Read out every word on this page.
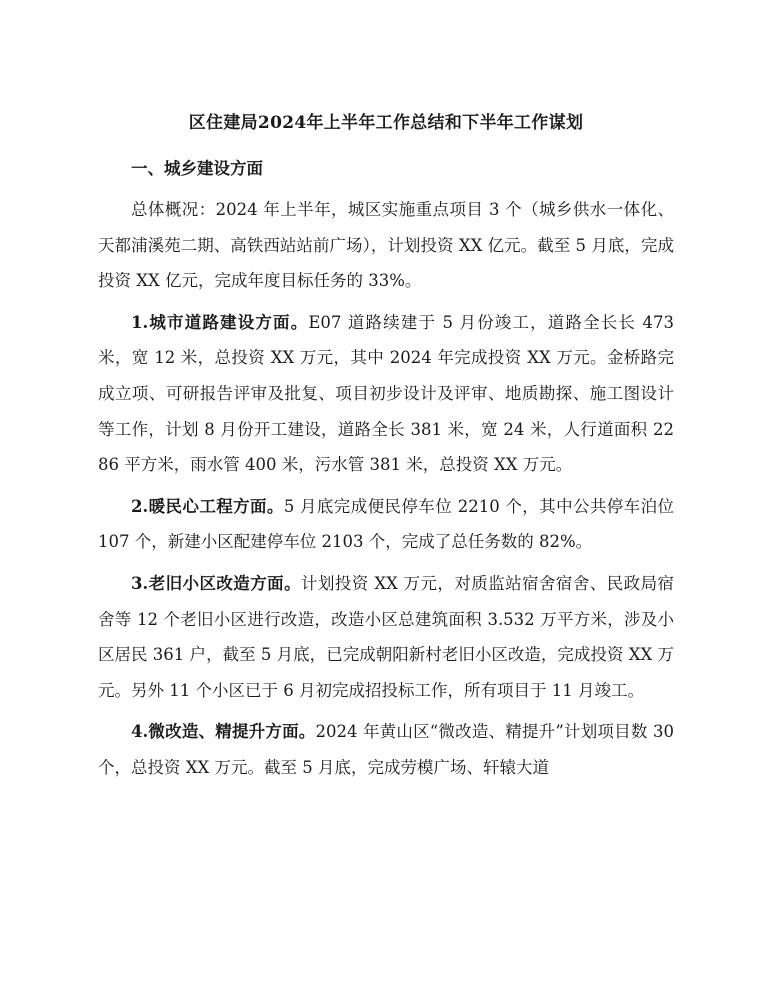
区住建局2024年上半年工作总结和下半年工作谋划
一、城乡建设方面

总体概况：2024 年上半年，城区实施重点项目 3 个（城乡供水一体化、天都浦溪苑二期、高铁西站站前广场），计划投资 XX 亿元。截至 5 月底，完成投资 XX 亿元，完成年度目标任务的 33%。

1.城市道路建设方面。E07 道路续建于 5 月份竣工，道路全长长 473 米，宽 12 米，总投资 XX 万元，其中 2024 年完成投资 XX 万元。金桥路完成立项、可研报告评审及批复、项目初步设计及评审、地质勘探、施工图设计等工作，计划 8 月份开工建设，道路全长 381 米，宽 24 米，人行道面积 2286 平方米，雨水管 400 米，污水管 381 米，总投资 XX 万元。

2.暖民心工程方面。5 月底完成便民停车位 2210 个，其中公共停车泊位 107 个，新建小区配建停车位 2103 个，完成了总任务数的 82%。

3.老旧小区改造方面。计划投资 XX 万元，对质监站宿舍宿舍、民政局宿舍等 12 个老旧小区进行改造，改造小区总建筑面积 3.532 万平方米，涉及小区居民 361 户，截至 5 月底，已完成朝阳新村老旧小区改造，完成投资 XX 万元。另外 11 个小区已于 6 月初完成招投标工作，所有项目于 11 月竣工。

4.微改造、精提升方面。2024 年黄山区“微改造、精提升”计划项目数 30 个，总投资 XX 万元。截至 5 月底，完成劳模广场、轩辕大道
